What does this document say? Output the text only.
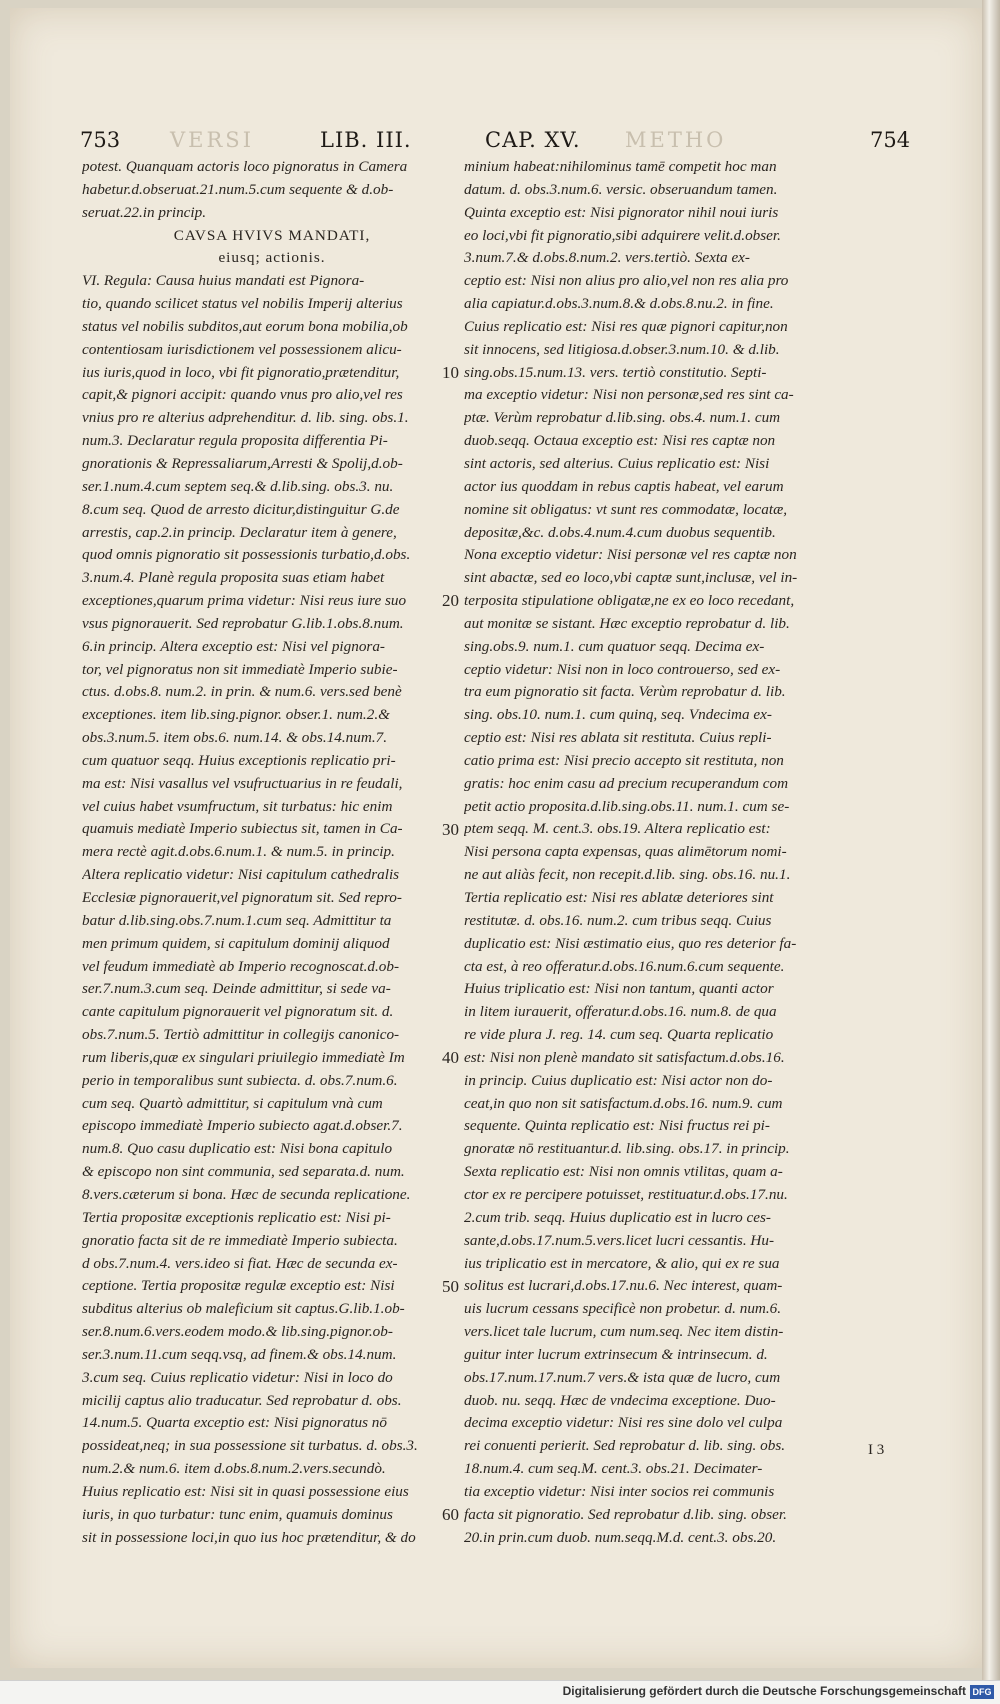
VERSI	METHO
753	LIB. III.	CAP. XV.	754
potest. Quanquam actoris loco pignoratus in Camera
habetur.d.obseruat.21.num.5.cum sequente & d.ob-
seruat.22.in princip.
CAVSA HVIVS MANDATI,
eiusq; actionis.
VI. Regula: Causa huius mandati est Pignora-
tio, quando scilicet status vel nobilis Imperij alterius
status vel nobilis subditos,aut eorum bona mobilia,ob
contentiosam iurisdictionem vel possessionem alicu-
ius iuris,quod in loco, vbi fit pignoratio,prætenditur,
capit,& pignori accipit: quando vnus pro alio,vel res
vnius pro re alterius adprehenditur. d. lib. sing. obs.1.
num.3. Declaratur regula proposita differentia Pi-
gnorationis & Repressaliarum,Arresti & Spolij,d.ob-
ser.1.num.4.cum septem seq.& d.lib.sing. obs.3. nu.
8.cum seq. Quod de arresto dicitur,distinguitur G.de
arrestis, cap.2.in princip. Declaratur item à genere,
quod omnis pignoratio sit possessionis turbatio,d.obs.
3.num.4. Planè regula proposita suas etiam habet
exceptiones,quarum prima videtur: Nisi reus iure suo
vsus pignorauerit. Sed reprobatur G.lib.1.obs.8.num.
6.in princip. Altera exceptio est: Nisi vel pignora-
tor, vel pignoratus non sit immediatè Imperio subie-
ctus. d.obs.8. num.2. in prin. & num.6. vers.sed benè
exceptiones. item lib.sing.pignor. obser.1. num.2.&
obs.3.num.5. item obs.6. num.14. & obs.14.num.7.
cum quatuor seqq. Huius exceptionis replicatio pri-
ma est: Nisi vasallus vel vsufructuarius in re feudali,
vel cuius habet vsumfructum, sit turbatus: hic enim
quamuis mediatè Imperio subiectus sit, tamen in Ca-
mera rectè agit.d.obs.6.num.1. & num.5. in princip.
Altera replicatio videtur: Nisi capitulum cathedralis
Ecclesiæ pignorauerit,vel pignoratum sit. Sed repro-
batur d.lib.sing.obs.7.num.1.cum seq. Admittitur ta
men primum quidem, si capitulum dominij aliquod
vel feudum immediatè ab Imperio recognoscat.d.ob-
ser.7.num.3.cum seq. Deinde admittitur, si sede va-
cante capitulum pignorauerit vel pignoratum sit. d.
obs.7.num.5. Tertiò admittitur in collegijs canonico-
rum liberis,quæ ex singulari priuilegio immediatè Im
perio in temporalibus sunt subiecta. d. obs.7.num.6.
cum seq. Quartò admittitur, si capitulum vnà cum
episcopo immediatè Imperio subiecto agat.d.obser.7.
num.8. Quo casu duplicatio est: Nisi bona capitulo
& episcopo non sint communia, sed separata.d. num.
8.vers.cæterum si bona. Hæc de secunda replicatione.
Tertia propositæ exceptionis replicatio est: Nisi pi-
gnoratio facta sit de re immediatè Imperio subiecta.
d obs.7.num.4. vers.ideo si fiat. Hæc de secunda ex-
ceptione. Tertia propositæ regulæ exceptio est: Nisi
subditus alterius ob maleficium sit captus.G.lib.1.ob-
ser.8.num.6.vers.eodem modo.& lib.sing.pignor.ob-
ser.3.num.11.cum seqq.vsq, ad finem.& obs.14.num.
3.cum seq. Cuius replicatio videtur: Nisi in loco do
micilij captus alio traducatur. Sed reprobatur d. obs.
14.num.5. Quarta exceptio est: Nisi pignoratus nō
possideat,neq; in sua possessione sit turbatus. d. obs.3.
num.2.& num.6. item d.obs.8.num.2.vers.secundò.
Huius replicatio est: Nisi sit in quasi possessione eius
iuris, in quo turbatur: tunc enim, quamuis dominus
sit in possessione loci,in quo ius hoc prætenditur, & do
minium habeat:nihilominus tamē competit hoc man
datum. d. obs.3.num.6. versic. obseruandum tamen.
Quinta exceptio est: Nisi pignorator nihil noui iuris
eo loci,vbi fit pignoratio,sibi adquirere velit.d.obser.
3.num.7.& d.obs.8.num.2. vers.tertiò. Sexta ex-
ceptio est: Nisi non alius pro alio,vel non res alia pro
alia capiatur.d.obs.3.num.8.& d.obs.8.nu.2. in fine.
Cuius replicatio est: Nisi res quæ pignori capitur,non
sit innocens, sed litigiosa.d.obser.3.num.10. & d.lib.
sing.obs.15.num.13. vers. tertiò constitutio. Septi-
ma exceptio videtur: Nisi non personæ,sed res sint ca-
ptæ. Verùm reprobatur d.lib.sing. obs.4. num.1. cum
duob.seqq. Octaua exceptio est: Nisi res captæ non
sint actoris, sed alterius. Cuius replicatio est: Nisi
actor ius quoddam in rebus captis habeat, vel earum
nomine sit obligatus: vt sunt res commodatæ, locatæ,
depositæ,&c. d.obs.4.num.4.cum duobus sequentib.
Nona exceptio videtur: Nisi personæ vel res captæ non
sint abactæ, sed eo loco,vbi captæ sunt,inclusæ, vel in-
terposita stipulatione obligatæ,ne ex eo loco recedant,
aut monitæ se sistant. Hæc exceptio reprobatur d. lib.
sing.obs.9. num.1. cum quatuor seqq. Decima ex-
ceptio videtur: Nisi non in loco controuerso, sed ex-
tra eum pignoratio sit facta. Verùm reprobatur d. lib.
sing. obs.10. num.1. cum quinq, seq. Vndecima ex-
ceptio est: Nisi res ablata sit restituta. Cuius repli-
catio prima est: Nisi precio accepto sit restituta, non
gratis: hoc enim casu ad precium recuperandum com
petit actio proposita.d.lib.sing.obs.11. num.1. cum se-
ptem seqq. M. cent.3. obs.19. Altera replicatio est:
Nisi persona capta expensas, quas alimētorum nomi-
ne aut aliàs fecit, non recepit.d.lib. sing. obs.16. nu.1.
Tertia replicatio est: Nisi res ablatæ deteriores sint
restitutæ. d. obs.16. num.2. cum tribus seqq. Cuius
duplicatio est: Nisi æstimatio eius, quo res deterior fa-
cta est, à reo offeratur.d.obs.16.num.6.cum sequente.
Huius triplicatio est: Nisi non tantum, quanti actor
in litem iurauerit, offeratur.d.obs.16. num.8. de qua
re vide plura J. reg. 14. cum seq. Quarta replicatio
est: Nisi non plenè mandato sit satisfactum.d.obs.16.
in princip. Cuius duplicatio est: Nisi actor non do-
ceat,in quo non sit satisfactum.d.obs.16. num.9. cum
sequente. Quinta replicatio est: Nisi fructus rei pi-
gnoratæ nō restituantur.d. lib.sing. obs.17. in princip.
Sexta replicatio est: Nisi non omnis vtilitas, quam a-
ctor ex re percipere potuisset, restituatur.d.obs.17.nu.
2.cum trib. seqq. Huius duplicatio est in lucro ces-
sante,d.obs.17.num.5.vers.licet lucri cessantis. Hu-
ius triplicatio est in mercatore, & alio, qui ex re sua
solitus est lucrari,d.obs.17.nu.6. Nec interest, quam-
uis lucrum cessans specificè non probetur. d. num.6.
vers.licet tale lucrum, cum num.seq. Nec item distin-
guitur inter lucrum extrinsecum & intrinsecum. d.
obs.17.num.17.num.7 vers.& ista quæ de lucro, cum
duob. nu. seqq. Hæc de vndecima exceptione. Duo-
decima exceptio videtur: Nisi res sine dolo vel culpa
rei conuenti perierit. Sed reprobatur d. lib. sing. obs.
18.num.4. cum seq.M. cent.3. obs.21. Decimater-
tia exceptio videtur: Nisi inter socios rei communis
facta sit pignoratio. Sed reprobatur d.lib. sing. obser.
20.in prin.cum duob. num.seqq.M.d. cent.3. obs.20.
10
20
30
40
50
60
I 3
Digitalisierung gefördert durch die Deutsche Forschungsgemeinschaft DFG
